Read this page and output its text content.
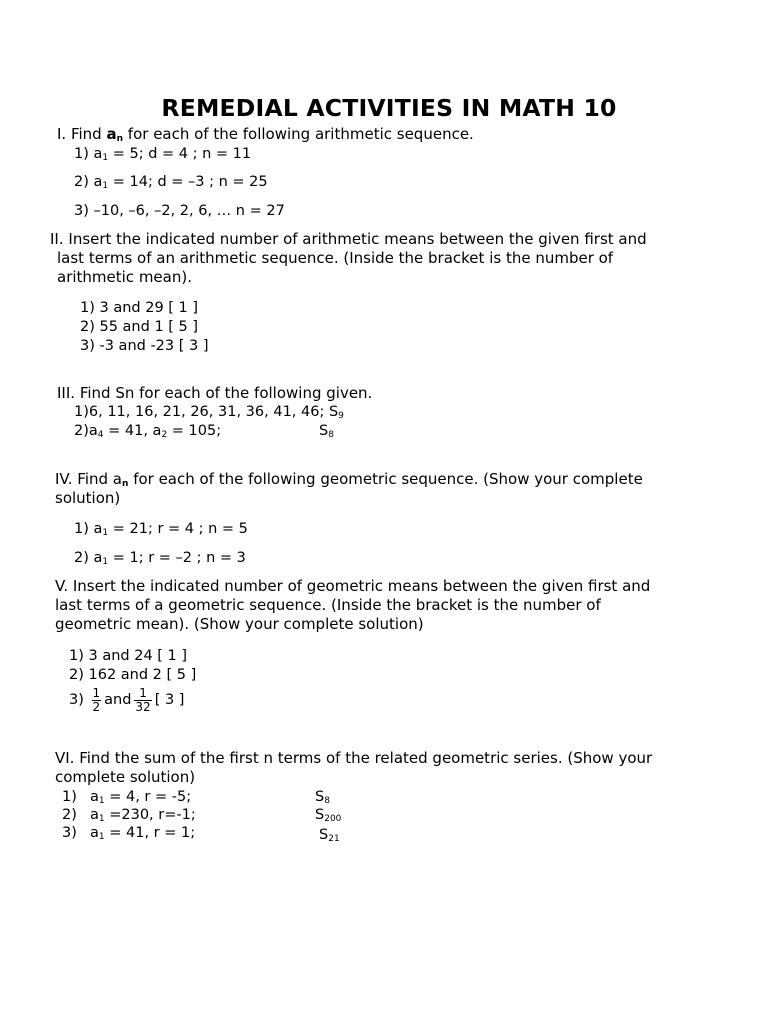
REMEDIAL ACTIVITIES IN MATH 10
I. Find $a_n$ for each of the following arithmetic sequence.
1) $a_1 = 5$; d = 4 ; n = 11
2) $a_1 = 14$; d = –3 ; n = 25
3) –10, –6, –2, 2, 6, … n = 27
II. Insert the indicated number of arithmetic means between the given first and
last terms of an arithmetic sequence. (Inside the bracket is the number of
arithmetic mean).
1) 3 and 29 [ 1 ]
2) 55 and 1 [ 5 ]
3) -3 and -23 [ 3 ]
III. Find Sn for each of the following given.
1)6, 11, 16, 21, 26, 31, 36, 41, 46; $S_9$
$2)a_4 = 41$, $a_2 = 105$;	$S_8$
IV. Find $a_n$ for each of the following geometric sequence. (Show your complete
solution)
1) $a_1 = 21$; r = 4 ; n = 5
2) $a_1 = 1$; r = –2 ; n = 3
V. Insert the indicated number of geometric means between the given first and
last terms of a geometric sequence. (Inside the bracket is the number of
geometric mean). (Show your complete solution)
1) 3 and 24 [ 1 ]
2) 162 and 2 [ 5 ]
$3) \frac{1}{2}$ and $\frac{1}{32}$ [ 3 ]
VI. Find the sum of the first n terms of the related geometric series. (Show your
complete solution)
1) $a_1 = 4$, r = -5;	$S_8$
2) $a_1 =230$, r=-1;	$S_{200}$
3) $a_1 = 41$, r = 1;	$S_{21}$
